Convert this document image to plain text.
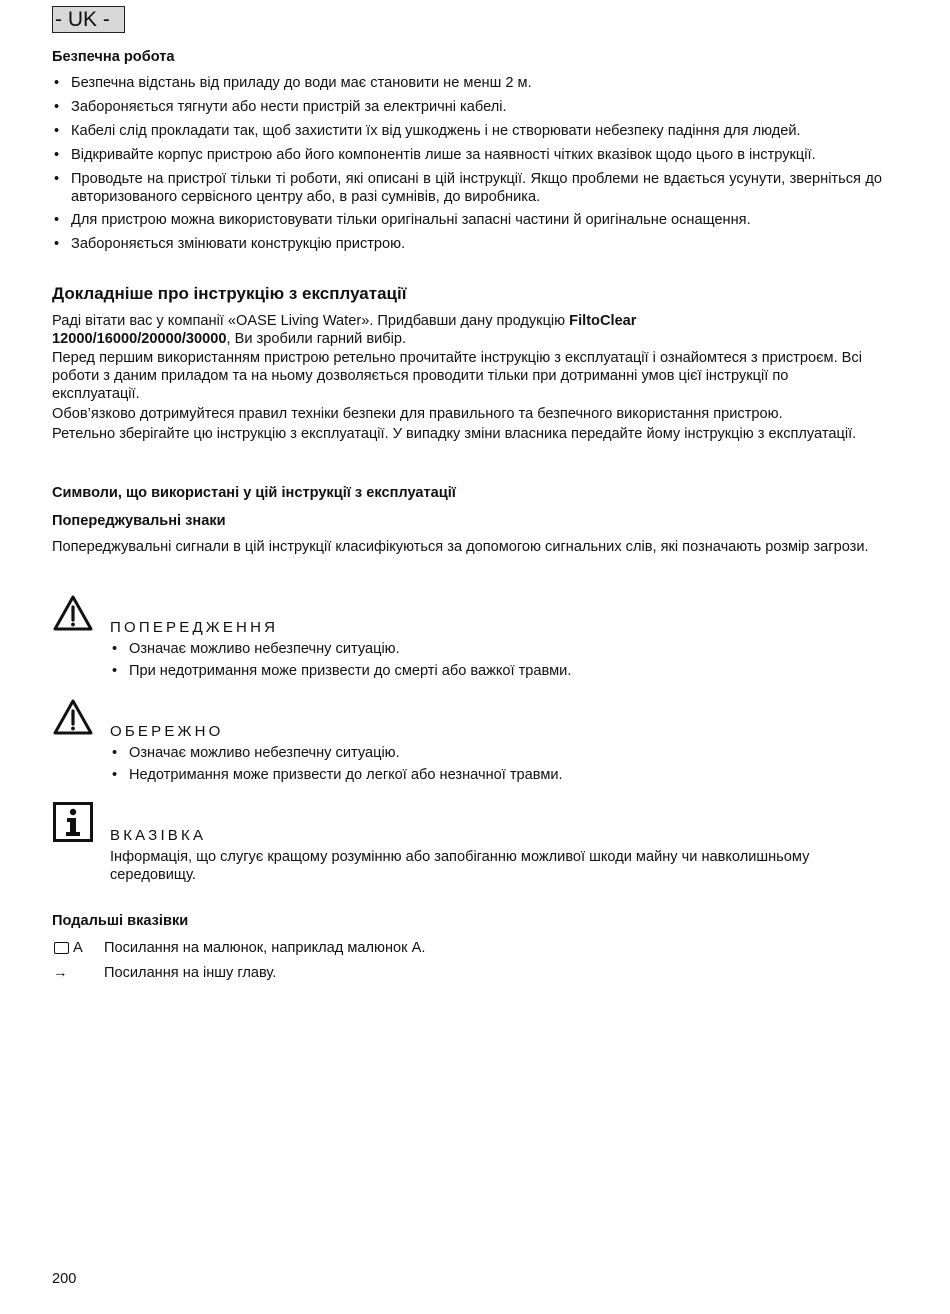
- UK -
Безпечна робота
• Безпечна відстань від приладу до води має становити не менш 2 м.
• Забороняється тягнути або нести пристрій за електричні кабелі.
• Кабелі слід прокладати так, щоб захистити їх від ушкоджень і не створювати небезпеку падіння для людей.
• Відкривайте корпус пристрою або його компонентів лише за наявності чітких вказівок щодо цього в інструкції.
• Проводьте на пристрої тільки ті роботи, які описані в цій інструкції. Якщо проблеми не вдається усунути, зверніться до авторизованого сервісного центру або, в разі сумнівів, до виробника.
• Для пристрою можна використовувати тільки оригінальні запасні частини й оригінальне оснащення.
• Забороняється змінювати конструкцію пристрою.
Докладніше про інструкцію з експлуатації
Раді вітати вас у компанії «OASE Living Water». Придбавши дану продукцію FiltoClear 12000/16000/20000/30000, Ви зробили гарний вибір.

Перед першим використанням пристрою ретельно прочитайте інструкцію з експлуатації і ознайомтеся з пристроєм. Всі роботи з даним приладом та на ньому дозволяється проводити тільки при дотриманні умов цієї інструкції по експлуатації.

Обов’язково дотримуйтеся правил техніки безпеки для правильного та безпечного використання пристрою.

Ретельно зберігайте цю інструкцію з експлуатації. У випадку зміни власника передайте йому інструкцію з експлуатації.

Символи, що використані у цій інструкції з експлуатації
Попереджувальні знаки
Попереджувальні сигнали в цій інструкції класифікуються за допомогою сигнальних слів, які позначають розмір загрози.
ПОПЕРЕДЖЕННЯ
• Означає можливо небезпечну ситуацію.
• При недотримання може призвести до смерті або важкої травми.
ОБЕРЕЖНО
• Означає можливо небезпечну ситуацію.
• Недотримання може призвести до легкої або незначної травми.
ВКАЗІВКА
Інформація, що слугує кращому розумінню або запобіганню можливої шкоди майну чи навколишньому середовищу.
Подальші вказівки
A Посилання на малюнок, наприклад малюнок А.
→ Посилання на іншу главу.
200
